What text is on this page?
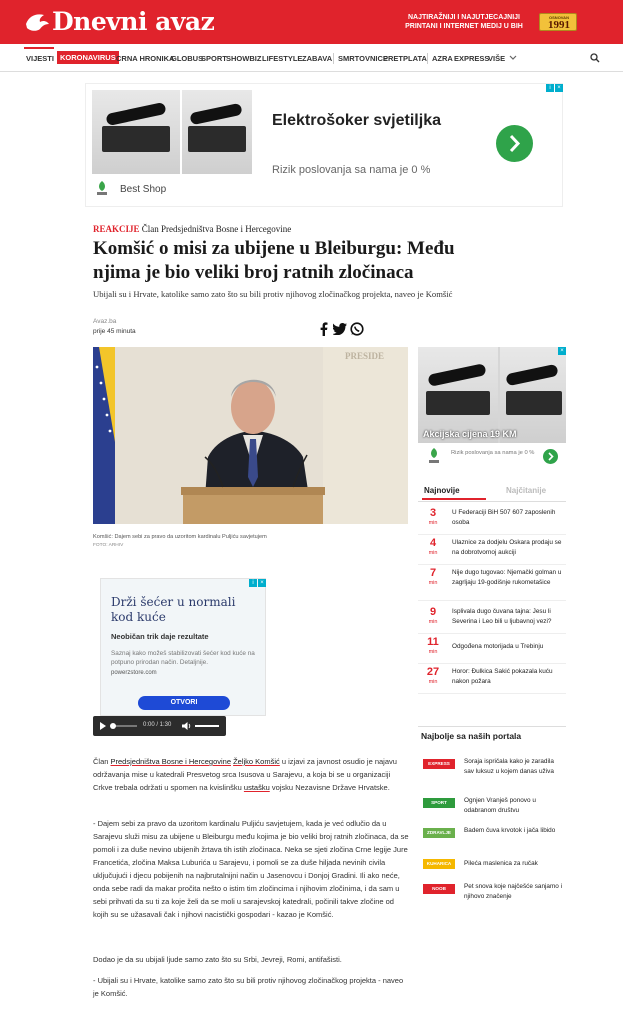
Dnevni avaz	NAJTIRAŽNIJI I NAJUTJECAJNIJI PRINTANI I INTERNET MEDIJ U BIH
OSNOVAN
1991
VIJESTI KORONAVIRUS CRNA HRONIKA
GLOBUS
SPORT SHOWBIZ LIFESTYLE ZABAVA SMRTOVNICE
PRETPLATA AZRA EXPRESS
VIŠE
Elektrošoker svjetiljka
Rizik poslovanja sa nama je 0 %
Best Shop
i	×
REAKCIJE Član Predsjedništva Bosne i Hercegovine
Komšić o misi za ubijene u Bleiburgu: Među njima je bio veliki broj ratnih zločinaca
Ubijali su i Hrvate, katolike samo zato što su bili protiv njihovog zločinačkog projekta, naveo je Komšić
Avaz.ba
prije 45 minuta
PRESIDE
Komšić: Dajem sebi za pravo da uzoritom kardinalu Puljiću savjetujem
FOTO: ARHIV
Drži šećer u normali kod kuće
Neobičan trik daje rezultate
Saznaj kako možeš stabilizovati šećer kod kuće na potpuno prirodan način. Detaljnije.
powerzstore.com
OTVORI
i	×
0:00 / 1:30

Član Predsjedništva Bosne i Hercegovine Željko Komšić u izjavi za javnost osudio je najavu održavanja mise u katedrali Presvetog srca Isusova u Sarajevu, a koja bi se u organizaciji Crkve trebala održati u spomen na kvislinšku ustašku vojsku Nezavisne Države Hrvatske.

- Dajem sebi za pravo da uzoritom kardinalu Puljiću savjetujem, kada je već odlučio da u Sarajevu služi misu za ubijene u Bleiburgu među kojima je bio veliki broj ratnih zločinaca, da se pomoli i za duše nevino ubijenih žrtava tih istih zločinaca. Neka se sjeti zločina Crne legije Jure Francetića, zločina Maksa Luburića u Sarajevu, i pomoli se za duše hiljada nevinih civila uključujući i djecu pobijenih na najbrutalnijni način u Jasenovcu i Donjoj Gradini. Ili ako neće, onda sebe radi da makar pročita nešto o istim tim zločincima i njihovim zločinima, i da sam u sebi prihvati da su ti za koje želi da se moli u sarajevskoj katedrali, počinili takve zločine od kojih su se užasavali čak i njihovi nacistički gospodari - kazao je Komšić.

Dodao je da su ubijali ljude samo zato što su Srbi, Jevreji, Romi, antifašisti.

- Ubijali su i Hrvate, katolike samo zato što su bili protiv njihovog zločinačkog projekta - naveo je Komšić.

Akcijska cijena 19 KM
Rizik poslovanja sa nama je 0 %
×
Najnovije	Najčitanije
3
min
U Federaciji BiH 507 607 zaposlenih osoba
4
min
Ulaznice za dodjelu Oskara prodaju se na dobrotvornoj aukciji
7
min
Nije dugo tugovao: Njemački golman u zagrljaju 19-godišnje rukometašice
9
min
Isplivala dugo čuvana tajna: Jesu li Severina i Leo bili u ljubavnoj vezi?
11
min
Odgođena motorijada u Trebinju
27
min
Horor: Đulkica Sakić pokazala kuću nakon požara
Najbolje sa naših portala
EXPRESS	Soraja ispričala kako je zaradila sav luksuz u kojem danas uživa
SPORT	Ognjen Vranješ ponovo u odabranom društvu
ZDRAVLJE	Badem čuva krvotok i jača libido
KUHARICA	Pileća maslenica za ručak
NOOB	Pet snova koje najčešće sanjamo i njihovo značenje
